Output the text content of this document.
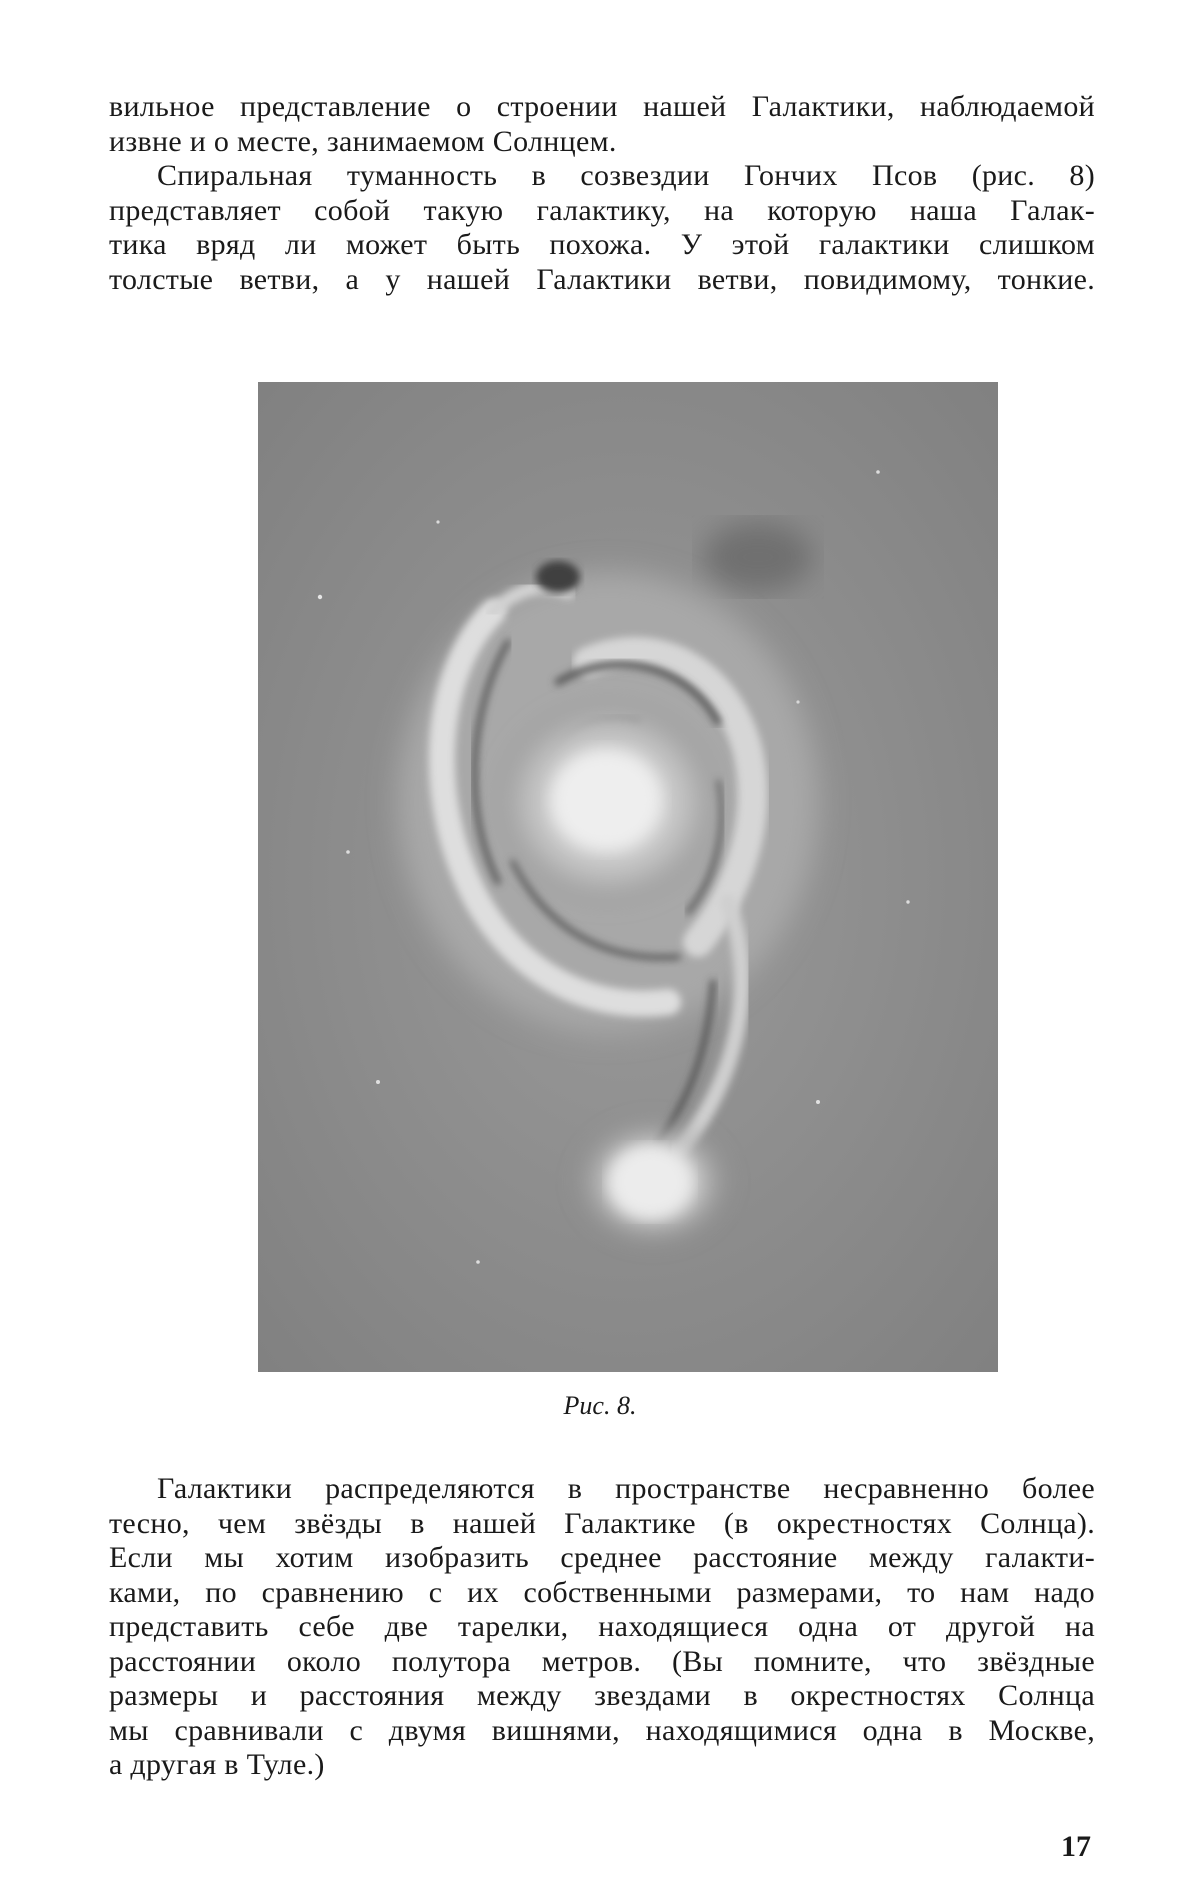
вильное представление о строении нашей Галактики, наблюдаемой
извне и о месте, занимаемом Солнцем.
Спиральная туманность в созвездии Гончих Псов (рис. 8)
представляет собой такую галактику, на которую наша Галак-
тика вряд ли может быть похожа. У этой галактики слишком
толстые ветви, а у нашей Галактики ветви, повидимому, тонкие.
Рис. 8.
Галактики распределяются в пространстве несравненно более
тесно, чем звёзды в нашей Галактике (в окрестностях Солнца).
Если мы хотим изобразить среднее расстояние между галакти-
ками, по сравнению с их собственными размерами, то нам надо
представить себе две тарелки, находящиеся одна от другой на
расстоянии около полутора метров. (Вы помните, что звёздные
размеры и расстояния между звездами в окрестностях Солнца
мы сравнивали с двумя вишнями, находящимися одна в Москве,
а другая в Туле.)
17
